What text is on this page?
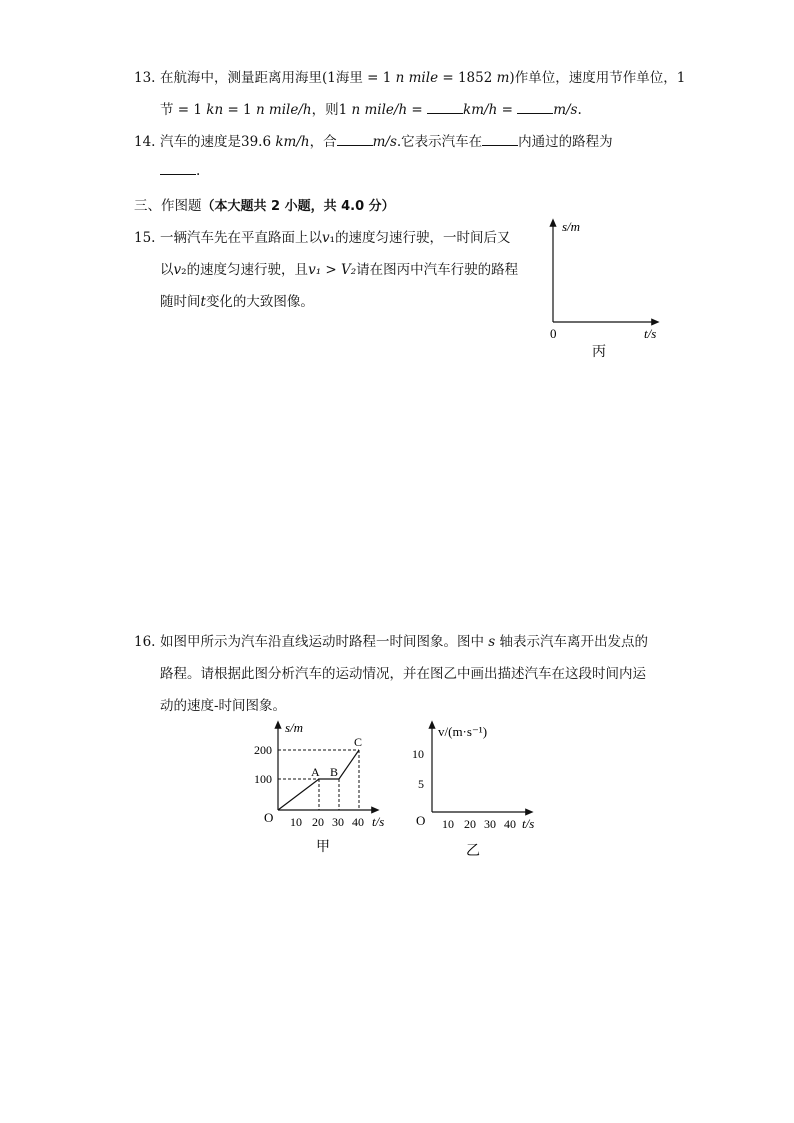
13. 在航海中，测量距离用海里(1海里 = 1 n mile = 1852 m)作单位，速度用节作单位，1
节 = 1 kn = 1 n mile/h，则1 n mile/h =	km/h =	m/s.
14. 汽车的速度是39.6 km/h，合	m/s.它表示汽车在	内通过的路程为
.
三、作图题（本大题共 2 小题，共 4.0 分）
15. 一辆汽车先在平直路面上以v₁的速度匀速行驶，一时间后又
以v₂的速度匀速行驶，且v₁ > V₂请在图丙中汽车行驶的路程
随时间t变化的大致图像。
s/m
0	t/s
丙
16. 如图甲所示为汽车沿直线运动时路程一时间图象。图中 s 轴表示汽车离开出发点的
路程。请根据此图分析汽车的运动情况，并在图乙中画出描述汽车在这段时间内运
动的速度-时间图象。
s/m
200
100
O 10 20 30 40 t/s
A B
C
甲
v/(m·s⁻¹)
10
5
O 10 20 30 40 t/s
乙
